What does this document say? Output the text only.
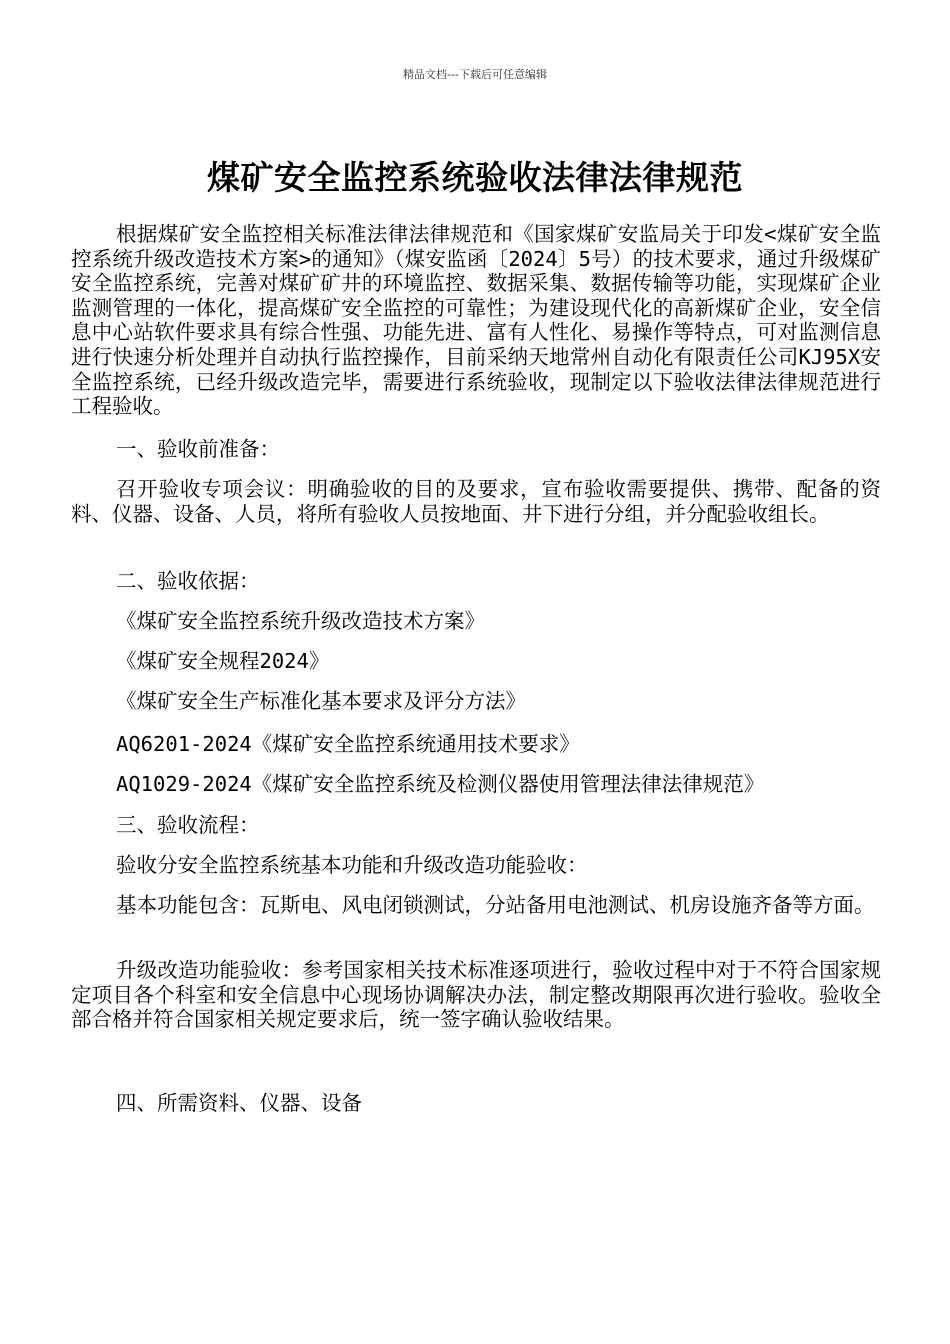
精品文档---下载后可任意编辑
煤矿安全监控系统验收法律法律规范
根据煤矿安全监控相关标准法律法律规范和《国家煤矿安监局关于印发<煤矿安全监控系统升级改造技术方案>的通知》（煤安监函〔2024〕5号）的技术要求，通过升级煤矿安全监控系统，完善对煤矿矿井的环境监控、数据采集、数据传输等功能，实现煤矿企业监测管理的一体化，提高煤矿安全监控的可靠性；为建设现代化的高新煤矿企业，安全信息中心站软件要求具有综合性强、功能先进、富有人性化、易操作等特点，可对监测信息进行快速分析处理并自动执行监控操作，目前采纳天地常州自动化有限责任公司KJ95X安全监控系统，已经升级改造完毕，需要进行系统验收，现制定以下验收法律法律规范进行工程验收。
一、验收前准备：
召开验收专项会议：明确验收的目的及要求，宣布验收需要提供、携带、配备的资料、仪器、设备、人员，将所有验收人员按地面、井下进行分组，并分配验收组长。
二、验收依据：
《煤矿安全监控系统升级改造技术方案》
《煤矿安全规程2024》
《煤矿安全生产标准化基本要求及评分方法》
AQ6201-2024《煤矿安全监控系统通用技术要求》
AQ1029-2024《煤矿安全监控系统及检测仪器使用管理法律法律规范》
三、验收流程：
验收分安全监控系统基本功能和升级改造功能验收：
基本功能包含：瓦斯电、风电闭锁测试，分站备用电池测试、机房设施齐备等方面。
升级改造功能验收：参考国家相关技术标准逐项进行，验收过程中对于不符合国家规定项目各个科室和安全信息中心现场协调解决办法，制定整改期限再次进行验收。验收全部合格并符合国家相关规定要求后，统一签字确认验收结果。
四、所需资料、仪器、设备
